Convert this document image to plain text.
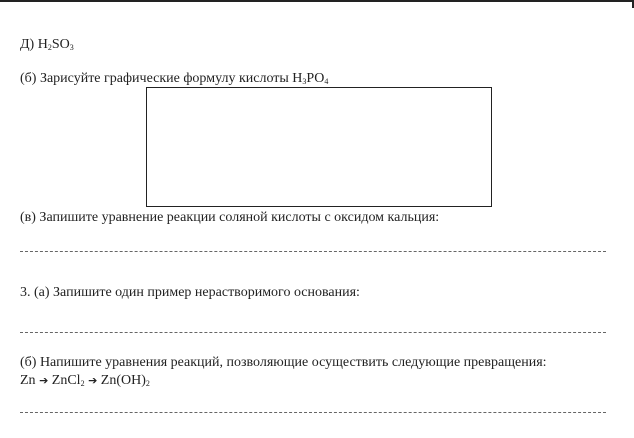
Д) $H_2SO_3$
(б) Зарисуйте графические формулу кислоты $H_3PO_4$
(в) Запишите уравнение реакции соляной кислоты с оксидом кальция:
3. (а) Запишите один пример нерастворимого основания:
(б) Напишите уравнения реакций, позволяющие осуществить следующие превращения:
Zn ➔ ZnCl$_2$ ➔ $Zn(OH)_2$
